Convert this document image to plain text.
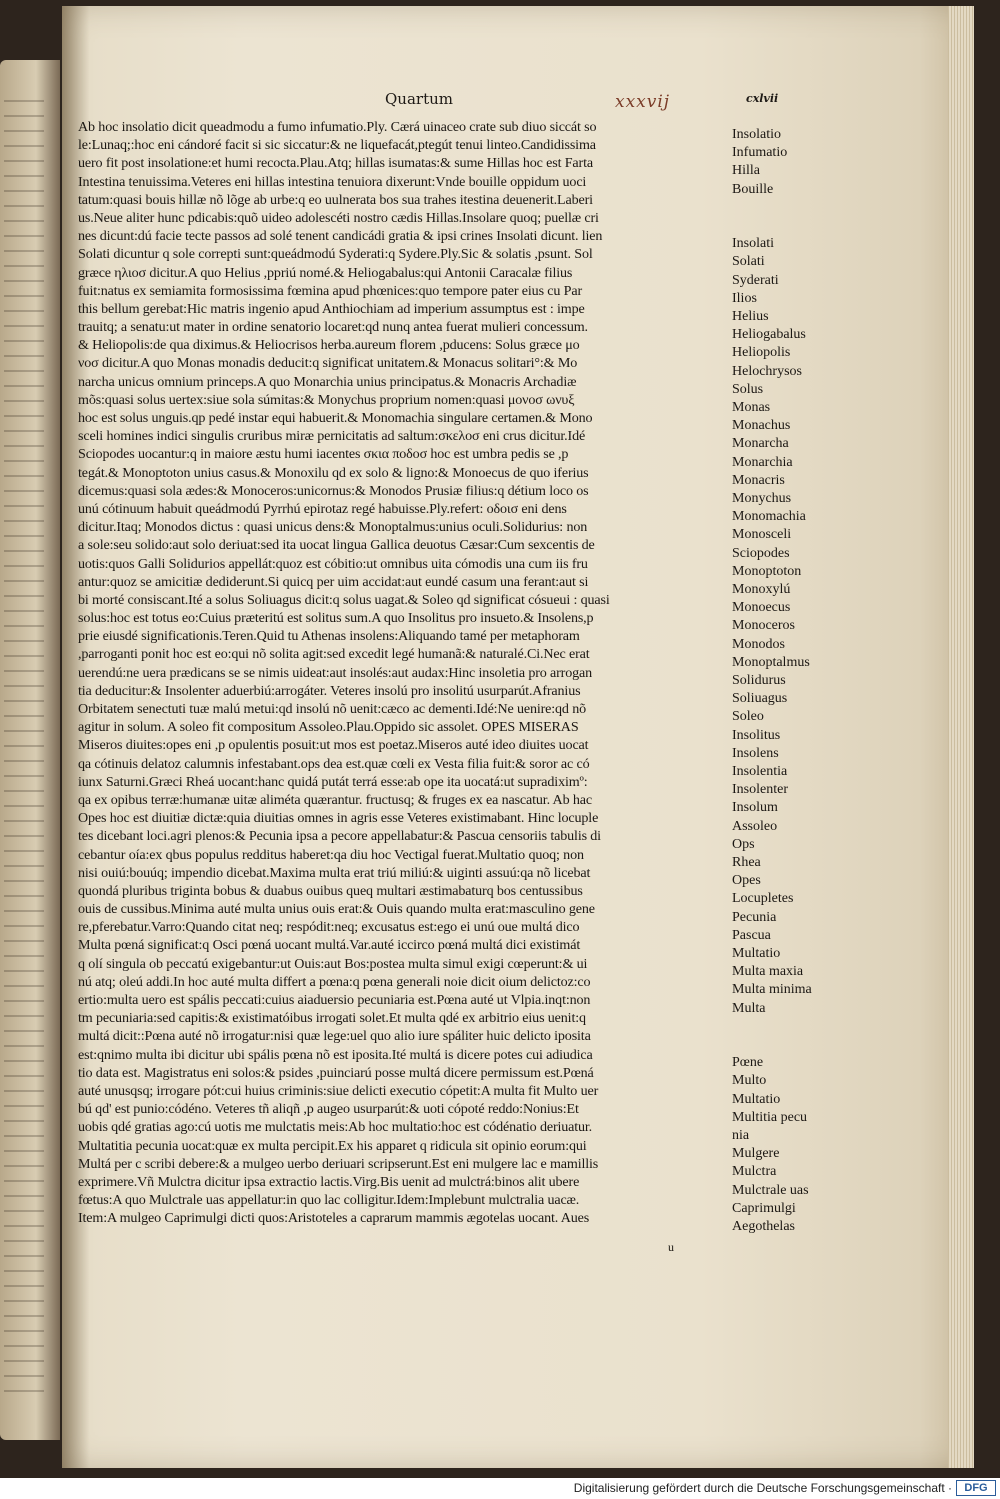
Quartum	xxxvij	cxlvii
Ab hoc insolatio dicit queadmodu a fumo infumatio.Ply. Cærá uinaceo crate sub diuo siccát so
le:Lunaq;:hoc eni cándoré facit si sic siccatur:& ne liquefacát,ptegút tenui linteo.Candidissima
uero fit post insolatione:et humi recocta.Plau.Atq; hillas isumatas:& sume Hillas hoc est Farta
Intestina tenuissima.Veteres eni hillas intestina tenuiora dixerunt:Vnde bouille oppidum uoci
tatum:quasi bouis hillæ nõ lõge ab urbe:q eo uulnerata bos sua trahes itestina deuenerit.Laberi
us.Neue aliter hunc pdicabis:quõ uideo adolescéti nostro cædis Hillas.Insolare quoq; puellæ cri
nes dicunt:dú facie tecte passos ad solé tenent candicádi gratia & ipsi crines Insolati dicunt. lien
Solati dicuntur q sole correpti sunt:queádmodú Syderati:q Sydere.Ply.Sic & solatis ,psunt. Sol
græce ηλιοσ dicitur.A quo Helius ,ppriú nomé.& Heliogabalus:qui Antonii Caracalæ filius
fuit:natus ex semiamita formosissima fœmina apud phœnices:quo tempore pater eius cu Par
this bellum gerebat:Hic matris ingenio apud Anthiochiam ad imperium assumptus est : impe
trauitq; a senatu:ut mater in ordine senatorio locaret:qd nunq antea fuerat mulieri concessum.
& Heliopolis:de qua diximus.& Heliocrisos herba.aureum florem ,pducens: Solus græce μο
νοσ dicitur.A quo Monas monadis deducit:q significat unitatem.& Monacus solitari°:& Mo
narcha unicus omnium princeps.A quo Monarchia unius principatus.& Monacris Archadiæ
mõs:quasi solus uertex:siue sola súmitas:& Monychus proprium nomen:quasi μονοσ ωνυξ
hoc est solus unguis.qp pedé instar equi habuerit.& Monomachia singulare certamen.& Mono
sceli homines indici singulis cruribus miræ pernicitatis ad saltum:σκελοσ eni crus dicitur.Idé
Sciopodes uocantur:q in maiore æstu humi iacentes σκια ποδοσ hoc est umbra pedis se ,p
tegát.& Monoptoton unius casus.& Monoxilu qd ex solo & ligno:& Monoecus de quo iferius
dicemus:quasi sola ædes:& Monoceros:unicornus:& Monodos Prusiæ filius:q détium loco os
unú cótinuum habuit queádmodú Pyrrhú epirotaz regé habuisse.Ply.refert: οδοισ eni dens
dicitur.Itaq; Monodos dictus : quasi unicus dens:& Monoptalmus:unius oculi.Solidurius: non
a sole:seu solido:aut solo deriuat:sed ita uocat lingua Gallica deuotus Cæsar:Cum sexcentis de
uotis:quos Galli Solidurios appellát:quoz est cóbitio:ut omnibus uita cómodis una cum iis fru
antur:quoz se amicitiæ dediderunt.Si quicq per uim accidat:aut eundé casum una ferant:aut si
bi morté consiscant.Ité a solus Soliuagus dicit:q solus uagat.& Soleo qd significat cósueui : quasi
solus:hoc est totus eo:Cuius præteritú est solitus sum.A quo Insolitus pro insueto.& Insolens,p
prie eiusdé significationis.Teren.Quid tu Athenas insolens:Aliquando tamé per metaphoram
,parroganti ponit hoc est eo:qui nõ solita agit:sed excedit legé humanã:& naturalé.Ci.Nec erat
uerendú:ne uera prædicans se se nimis uideat:aut insolés:aut audax:Hinc insoletia pro arrogan
tia deducitur:& Insolenter aduerbiú:arrogáter. Veteres insolú pro insolitú usurparút.Afranius
Orbitatem senectuti tuæ malú metui:qd insolú nõ uenit:cæco ac dementi.Idé:Ne uenire:qd nõ
agitur in solum. A soleo fit compositum Assoleo.Plau.Oppido sic assolet. OPES MISERAS
Miseros diuites:opes eni ,p opulentis posuit:ut mos est poetaz.Miseros auté ideo diuites uocat
qa cótinuis delatoz calumnis infestabant.ops dea est.quæ cœli ex Vesta filia fuit:& soror ac có
iunx Saturni.Græci Rheá uocant:hanc quidá putát terrá esse:ab ope ita uocatá:ut supradiximº:
qa ex opibus terræ:humanæ uitæ aliméta quærantur. fructusq; & fruges ex ea nascatur. Ab hac
Opes hoc est diuitiæ dictæ:quia diuitias omnes in agris esse Veteres existimabant. Hinc locuple
tes dicebant loci.agri plenos:& Pecunia ipsa a pecore appellabatur:& Pascua censoriis tabulis di
cebantur oía:ex qbus populus redditus haberet:qa diu hoc Vectigal fuerat.Multatio quoq; non
nisi ouiú:bouúq; impendio dicebat.Maxima multa erat triú miliú:& uiginti assuú:qa nõ licebat
quondá pluribus triginta bobus & duabus ouibus queq multari æstimabaturq bos centussibus
ouis de cussibus.Minima auté multa unius ouis erat:& Ouis quando multa erat:masculino gene
re,pferebatur.Varro:Quando citat neq; respódit:neq; excusatus est:ego ei unú oue multá dico
Multa pœná significat:q Osci pœná uocant multá.Var.auté iccirco pœná multá dici existimát
q olí singula ob peccatú exigebantur:ut Ouis:aut Bos:postea multa simul exigi cœperunt:& ui
nú atq; oleú addi.In hoc auté multa differt a pœna:q pœna generali noie dicit oium delictoz:co
ertio:multa uero est spális peccati:cuius aiaduersio pecuniaria est.Pœna auté ut Vlpia.inqt:non
tm pecuniaria:sed capitis:& existimatóibus irrogati solet.Et multa qdé ex arbitrio eius uenit:q
multá dicit::Pœna auté nõ irrogatur:nisi quæ lege:uel quo alio iure spáliter huic delicto iposita
est:qnimo multa ibi dicitur ubi spális pœna nõ est iposita.Ité multá is dicere potes cui adiudica
tio data est. Magistratus eni solos:& psides ,puinciarú posse multá dicere permissum est.Pœná
auté unusqsq; irrogare pót:cui huius criminis:siue delicti executio cópetit:A multa fit Multo uer
bú qd' est punio:códéno. Veteres tñ aliqñ ,p augeo usurparút:& uoti cópoté reddo:Nonius:Et
uobis qdé gratias ago:cú uotis me mulctatis meis:Ab hoc multatio:hoc est códénatio deriuatur.
Multatitia pecunia uocat:quæ ex multa percipit.Ex his apparet q ridicula sit opinio eorum:qui
Multá per c scribi debere:& a mulgeo uerbo deriuari scripserunt.Est eni mulgere lac e mamillis
exprimere.Vñ Mulctra dicitur ipsa extractio lactis.Virg.Bis uenit ad mulctrá:binos alit ubere
fœtus:A quo Mulctrale uas appellatur:in quo lac colligitur.Idem:Implebunt mulctralia uacæ.
Item:A mulgeo Caprimulgi dicti quos:Aristoteles a caprarum mammis ægotelas uocant. Aues
Insolatio
Infumatio
Hilla
Bouille
Insolati
Solati
Syderati
Ilios
Helius
Heliogabalus
Heliopolis
Helochrysos
Solus
Monas
Monachus
Monarcha
Monarchia
Monacris
Monychus
Monomachia
Monosceli
Sciopodes
Monoptoton
Monoxylú
Monoecus
Monoceros
Monodos
Monoptalmus
Solidurus
Soliuagus
Soleo
Insolitus
Insolens
Insolentia
Insolenter
Insolum
Assoleo
Ops
Rhea
Opes
Locupletes
Pecunia
Pascua
Multatio
Multa maxia
Multa minima
Multa
Pœne
Multo
Multatio
Multitia pecu
nia
Mulgere
Mulctra
Mulctrale uas
Caprimulgi
Aegothelas
u
Digitalisierung gefördert durch die Deutsche Forschungsgemeinschaft ·	DFG
